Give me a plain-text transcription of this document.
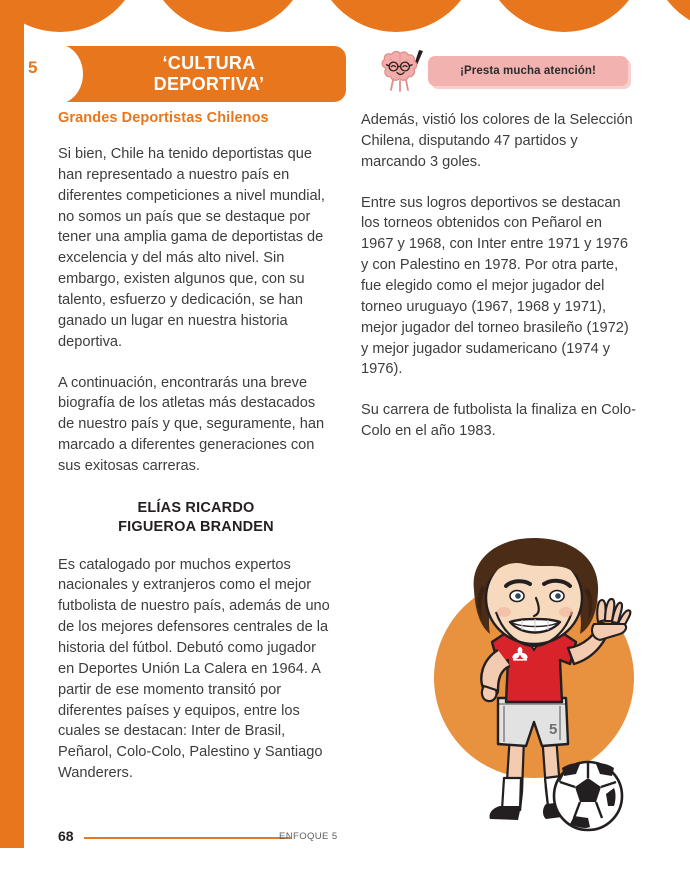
5	‘CULTURA
DEPORTIVA’
¡Presta mucha atención!
Grandes Deportistas Chilenos

Si bien, Chile ha tenido deportistas que han representado a nuestro país en diferentes competiciones a nivel mundial, no somos un país que se destaque por tener una amplia gama de deportistas de excelencia y del más alto nivel. Sin embargo, existen algunos que, con su talento, esfuerzo y dedicación, se han ganado un lugar en nuestra historia deportiva.

A continuación, encontrarás una breve biografía de los atletas más destacados de nuestro país y que, seguramente, han marcado a diferentes generaciones con sus exitosas carreras.

ELÍAS RICARDO
FIGUEROA BRANDEN

Es catalogado por muchos expertos nacionales y extranjeros como el mejor futbolista de nuestro país, además de uno de los mejores defensores centrales de la historia del fútbol. Debutó como jugador en Deportes Unión La Calera en 1964. A partir de ese momento transitó por diferentes países y equipos, entre los cuales se destacan: Inter de Brasil, Peñarol, Colo-Colo, Palestino y Santiago Wanderers.

Además, vistió los colores de la Selección Chilena, disputando 47 partidos y marcando 3 goles.

Entre sus logros deportivos se destacan los torneos obtenidos con Peñarol en 1967 y 1968, con Inter entre 1971 y 1976 y con Palestino en 1978. Por otra parte, fue elegido como el mejor jugador del torneo uruguayo (1967, 1968 y 1971), mejor jugador del torneo brasileño (1972) y mejor jugador sudamericano (1974 y 1976).

Su carrera de futbolista la finaliza en Colo-Colo en el año 1983.

5
68	ENFOQUE 5
